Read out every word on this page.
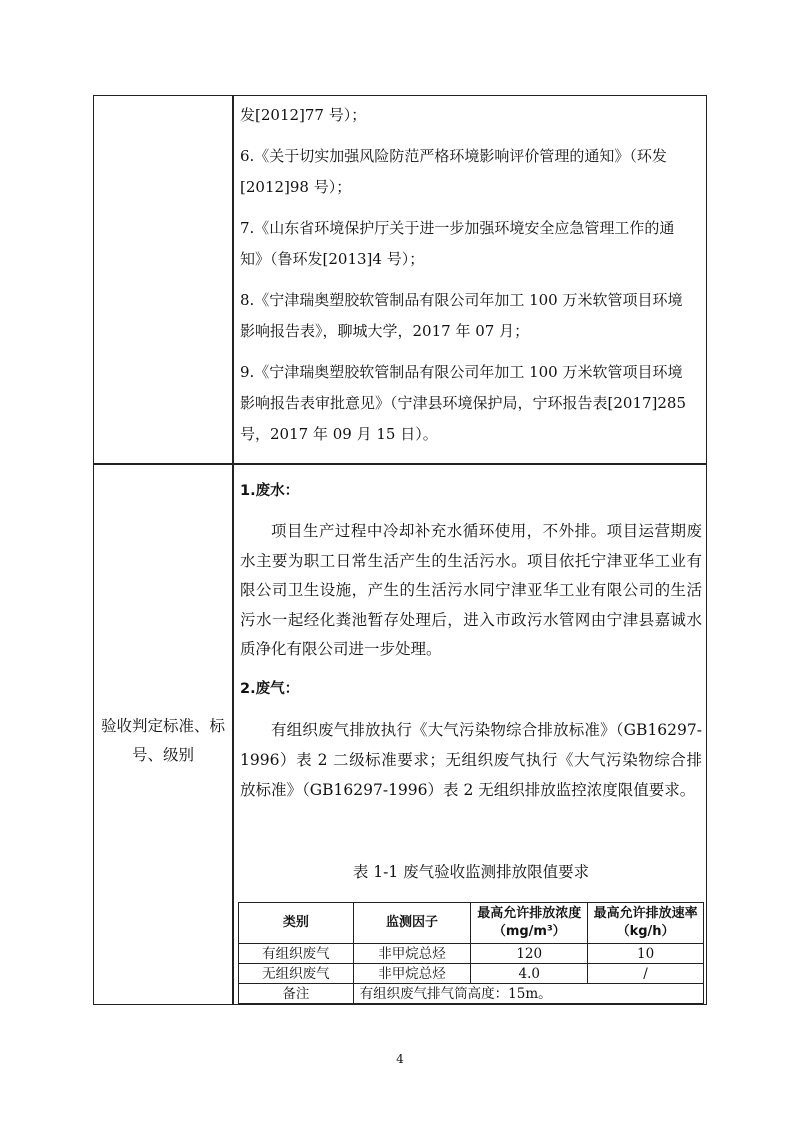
发[2012]77 号）；

6.《关于切实加强风险防范严格环境影响评价管理的通知》（环发

[2012]98 号）；

7.《山东省环境保护厅关于进一步加强环境安全应急管理工作的通

知》（鲁环发[2013]4 号）；

8.《宁津瑞奥塑胶软管制品有限公司年加工 100 万米软管项目环境

影响报告表》，聊城大学，2017 年 07 月；

9.《宁津瑞奥塑胶软管制品有限公司年加工 100 万米软管项目环境

影响报告表审批意见》（宁津县环境保护局，宁环报告表[2017]285

号，2017 年 09 月 15 日）。

验收判定标准、标
号、级别

1.废水：

项目生产过程中冷却补充水循环使用，不外排。项目运营期废水主要为职工日常生活产生的生活污水。项目依托宁津亚华工业有限公司卫生设施，产生的生活污水同宁津亚华工业有限公司的生活污水一起经化粪池暂存处理后，进入市政污水管网由宁津县嘉诚水质净化有限公司进一步处理。

2.废气：

有组织废气排放执行《大气污染物综合排放标准》（GB16297-1996）表 2 二级标准要求；无组织废气执行《大气污染物综合排放标准》（GB16297-1996）表 2 无组织排放监控浓度限值要求。

表 1-1 废气验收监测排放限值要求
类别	监测因子	最高允许排放浓度（mg/m³）	最高允许排放速率（kg/h）
有组织废气	非甲烷总烃	120	10
无组织废气	非甲烷总烃	4.0	/
备注	有组织废气排气筒高度：15m。		
4
